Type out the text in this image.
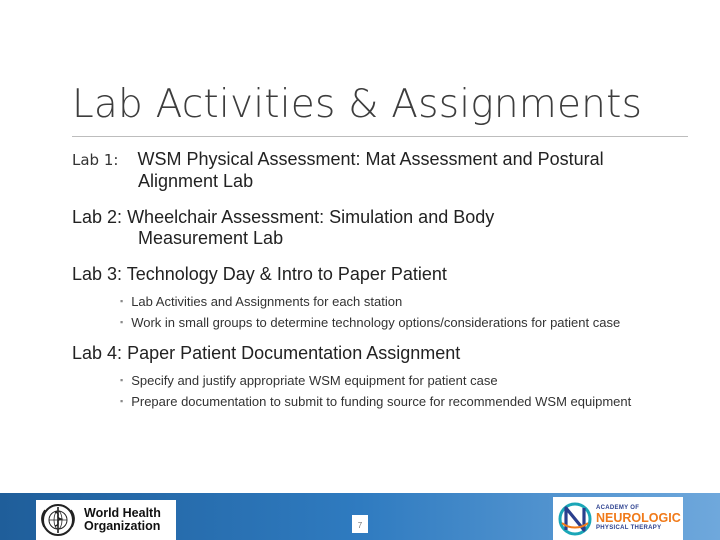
Lab Activities & Assignments
Lab 1: WSM Physical Assessment: Mat Assessment and Postural
Alignment Lab
Lab 2: Wheelchair Assessment: Simulation and Body
Measurement Lab
Lab 3: Technology Day & Intro to Paper Patient
▪ Lab Activities and Assignments for each station
▪ Work in small groups to determine technology options/considerations for patient case
Lab 4: Paper Patient Documentation Assignment
▪ Specify and justify appropriate WSM equipment for patient case
▪ Prepare documentation to submit to funding source for recommended WSM equipment
World Health
Organization	7
ACADEMY OF
NEUROLOGIC
PHYSICAL THERAPY
